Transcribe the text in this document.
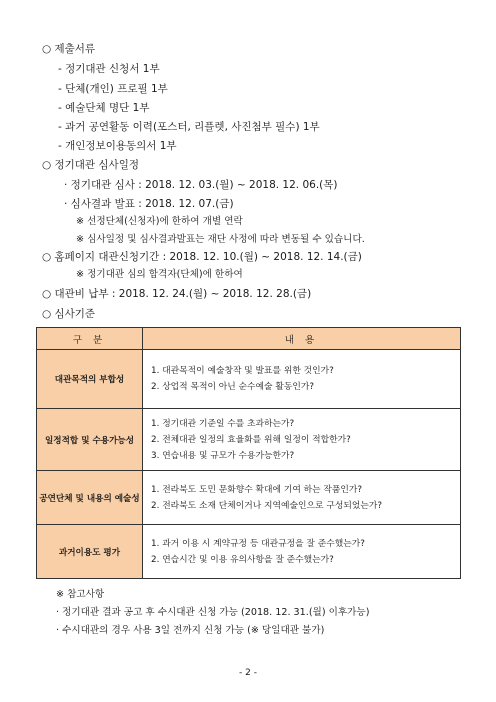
○ 제출서류
- 정기대관 신청서 1부
- 단체(개인) 프로필 1부
- 예술단체 명단 1부
- 과거 공연활동 이력(포스터, 리플렛, 사진첨부 필수) 1부
- 개인정보이용동의서 1부
○ 정기대관 심사일정
· 정기대관 심사 : 2018. 12. 03.(월) ~ 2018. 12. 06.(목)
· 심사결과 발표 : 2018. 12. 07.(금)
※ 선정단체(신청자)에 한하여 개별 연락
※ 심사일정 및 심사결과발표는 재단 사정에 따라 변동될 수 있습니다.
○ 홈페이지 대관신청기간 : 2018. 12. 10.(월) ~ 2018. 12. 14.(금)
※ 정기대관 심의 합격자(단체)에 한하여
○ 대관비 납부 : 2018. 12. 24.(월) ~ 2018. 12. 28.(금)
○ 심사기준
구 분	내 용
대관목적의 부합성	1. 대관목적이 예술창작 및 발표를 위한 것인가?
2. 상업적 목적이 아닌 순수예술 활동인가?

일정적합 및 수용가능성	1. 정기대관 기준일 수를 초과하는가?
2. 전체대관 일정의 효율화를 위해 일정이 적합한가?
3. 연습내용 및 규모가 수용가능한가?

공연단체 및 내용의 예술성	1. 전라북도 도민 문화향수 확대에 기여 하는 작품인가?
2. 전라북도 소재 단체이거나 지역예술인으로 구성되었는가?

과거이용도 평가	1. 과거 이용 시 계약규정 등 대관규정을 잘 준수했는가?
2. 연습시간 및 이용 유의사항을 잘 준수했는가?
※ 참고사항
· 정기대관 결과 공고 후 수시대관 신청 가능 (2018. 12. 31.(월) 이후가능)
· 수시대관의 경우 사용 3일 전까지 신청 가능 (※ 당일대관 불가)
- 2 -
